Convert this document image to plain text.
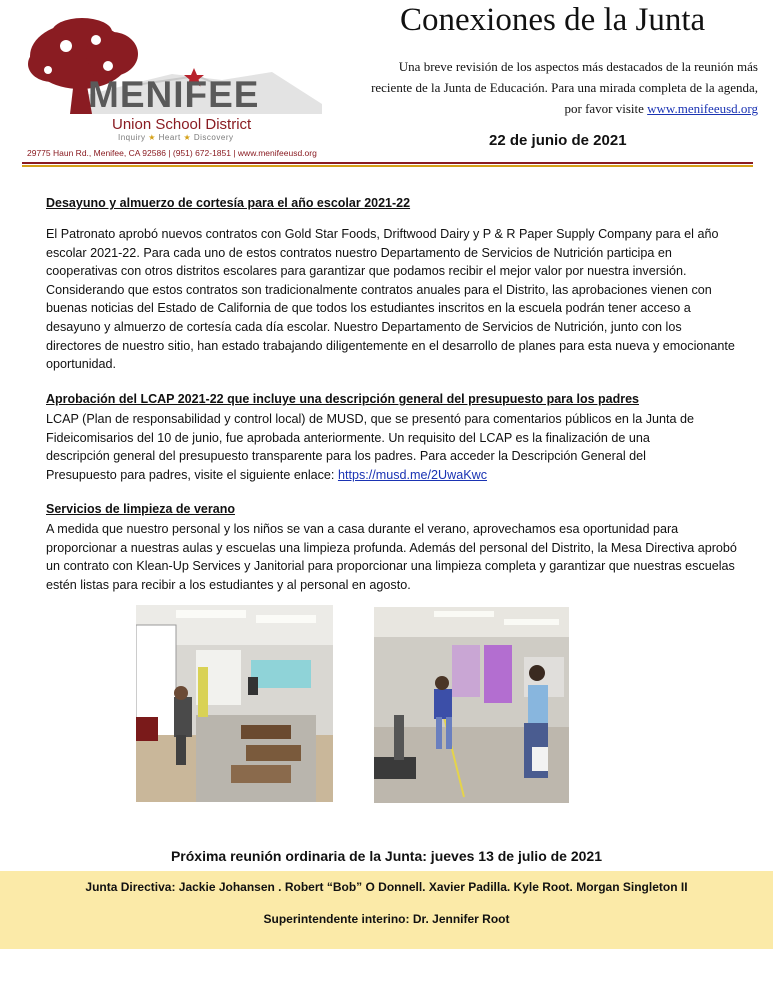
MENIFEE
Union School District
Inquiry ★ Heart ★ Discovery
29775 Haun Rd., Menifee, CA 92586 | (951) 672-1851 | www.menifeeusd.org
Conexiones de la Junta
Una breve revisión de los aspectos más destacados de la reunión más reciente de la Junta de Educación. Para una mirada completa de la agenda, por favor visite www.menifeeusd.org
22 de junio de 2021
Desayuno y almuerzo de cortesía para el año escolar 2021-22
El Patronato aprobó nuevos contratos con Gold Star Foods, Driftwood Dairy y P & R Paper Supply Company para el año escolar 2021-22. Para cada uno de estos contratos nuestro Departamento de Servicios de Nutrición participa en cooperativas con otros distritos escolares para garantizar que podamos recibir el mejor valor por nuestra inversión. Considerando que estos contratos son tradicionalmente contratos anuales para el Distrito, las aprobaciones vienen con buenas noticias del Estado de California de que todos los estudiantes inscritos en la escuela podrán tener acceso a desayuno y almuerzo de cortesía cada día escolar. Nuestro Departamento de Servicios de Nutrición, junto con los directores de nuestro sitio, han estado trabajando diligentemente en el desarrollo de planes para esta nueva y emocionante oportunidad.
Aprobación del LCAP 2021-22 que incluye una descripción general del presupuesto para los padres
LCAP (Plan de responsabilidad y control local) de MUSD, que se presentó para comentarios públicos en la Junta de Fideicomisarios del 10 de junio, fue aprobada anteriormente. Un requisito del LCAP es la finalización de una descripción general del presupuesto transparente para los padres. Para acceder la Descripción General del Presupuesto para padres, visite el siguiente enlace: https://musd.me/2UwaKwc
Servicios de limpieza de verano
A medida que nuestro personal y los niños se van a casa durante el verano, aprovechamos esa oportunidad para proporcionar a nuestras aulas y escuelas una limpieza profunda. Además del personal del Distrito, la Mesa Directiva aprobó un contrato con Klean-Up Services y Janitorial para proporcionar una limpieza completa y garantizar que nuestras escuelas estén listas para recibir a los estudiantes y al personal en agosto.
Próxima reunión ordinaria de la Junta: jueves 13 de julio de 2021
Junta Directiva: Jackie Johansen . Robert “Bob” O Donnell. Xavier Padilla. Kyle Root. Morgan Singleton II
Superintendente interino: Dr. Jennifer Root
